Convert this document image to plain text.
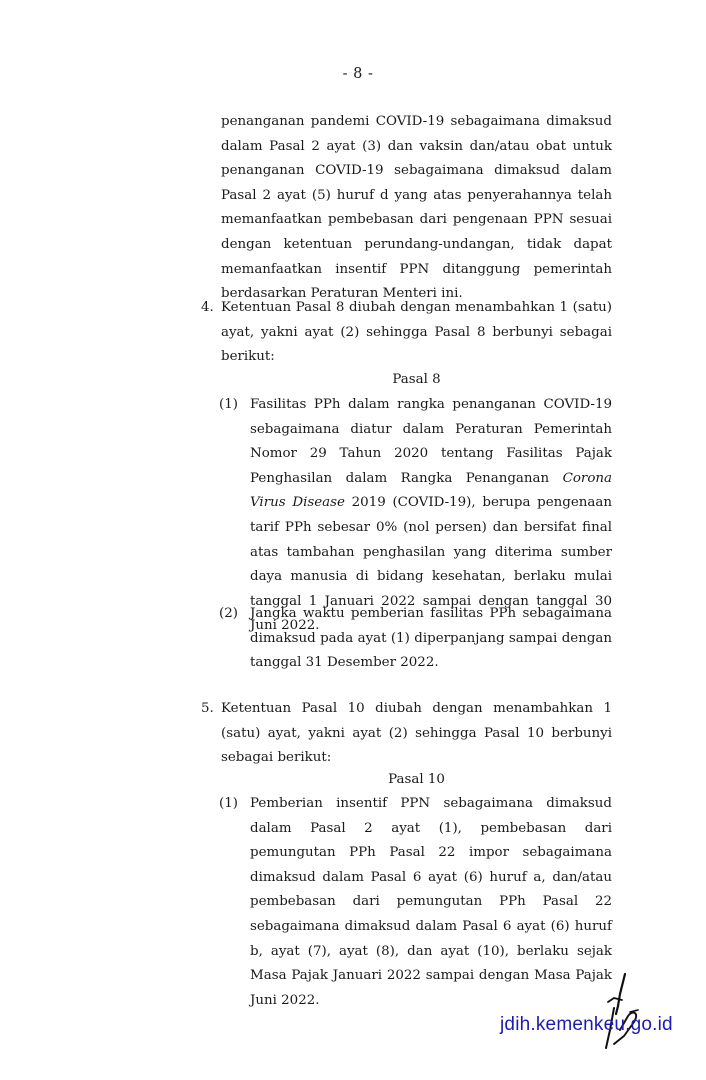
- 8 -
penanganan pandemi COVID-19 sebagaimana dimaksud dalam Pasal 2 ayat (3) dan vaksin dan/atau obat untuk penanganan COVID-19 sebagaimana dimaksud dalam Pasal 2 ayat (5) huruf d yang atas penyerahannya telah memanfaatkan pembebasan dari pengenaan PPN sesuai dengan ketentuan perundang-undangan, tidak dapat memanfaatkan insentif PPN ditanggung pemerintah berdasarkan Peraturan Menteri ini.
4. Ketentuan Pasal 8 diubah dengan menambahkan 1 (satu) ayat, yakni ayat (2) sehingga Pasal 8 berbunyi sebagai berikut:
Pasal 8
(1) Fasilitas PPh dalam rangka penanganan COVID-19 sebagaimana diatur dalam Peraturan Pemerintah Nomor 29 Tahun 2020 tentang Fasilitas Pajak Penghasilan dalam Rangka Penanganan Corona Virus Disease 2019 (COVID-19), berupa pengenaan tarif PPh sebesar 0% (nol persen) dan bersifat final atas tambahan penghasilan yang diterima sumber daya manusia di bidang kesehatan, berlaku mulai tanggal 1 Januari 2022 sampai dengan tanggal 30 Juni 2022.
(2) Jangka waktu pemberian fasilitas PPh sebagaimana dimaksud pada ayat (1) diperpanjang sampai dengan tanggal 31 Desember 2022.
5. Ketentuan Pasal 10 diubah dengan menambahkan 1 (satu) ayat, yakni ayat (2) sehingga Pasal 10 berbunyi sebagai berikut:
Pasal 10
(1) Pemberian insentif PPN sebagaimana dimaksud dalam Pasal 2 ayat (1), pembebasan dari pemungutan PPh Pasal 22 impor sebagaimana dimaksud dalam Pasal 6 ayat (6) huruf a, dan/atau pembebasan dari pemungutan PPh Pasal 22 sebagaimana dimaksud dalam Pasal 6 ayat (6) huruf b, ayat (7), ayat (8), dan ayat (10), berlaku sejak Masa Pajak Januari 2022 sampai dengan Masa Pajak Juni 2022.
jdih.kemenkeu.go.id
